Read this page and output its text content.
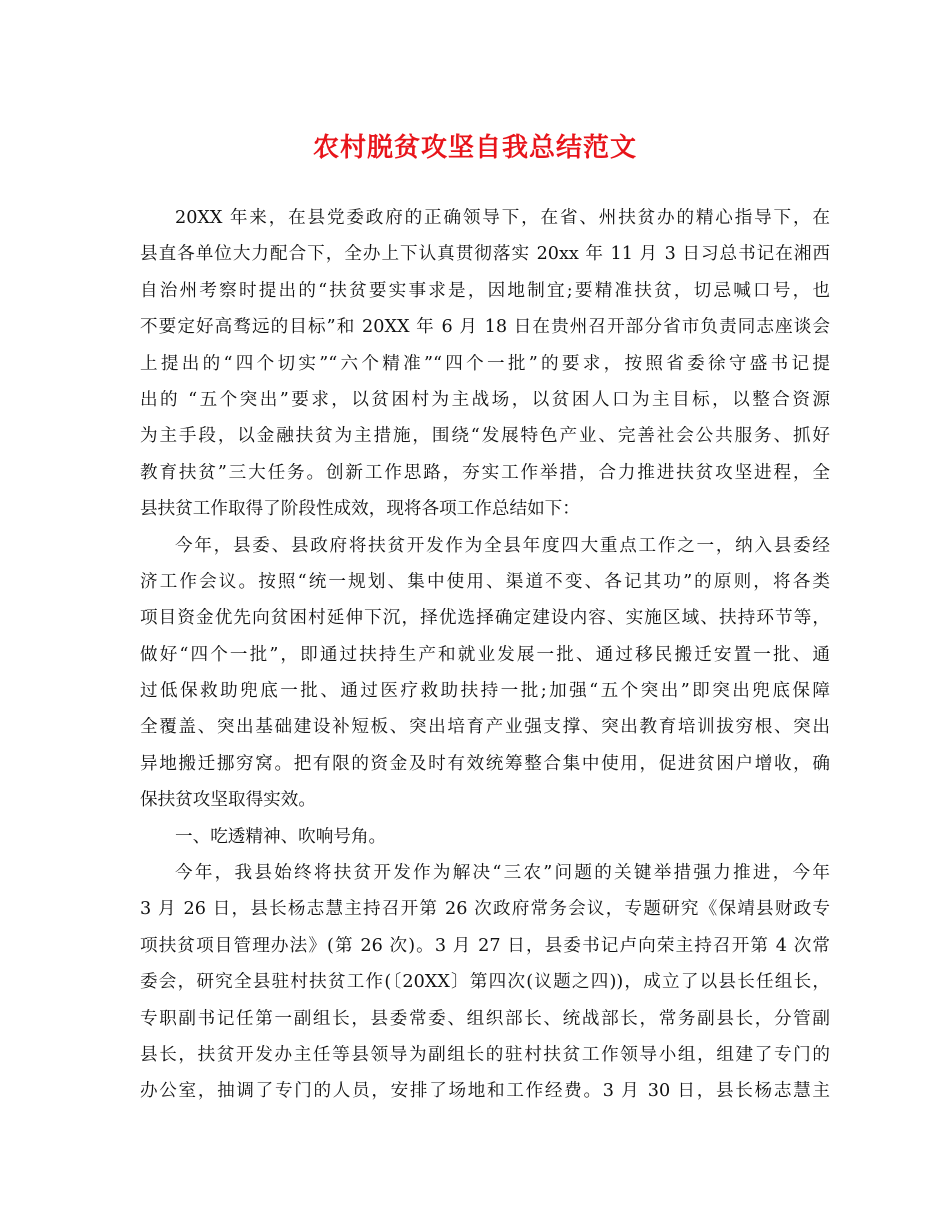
农村脱贫攻坚自我总结范文
20XX 年来，在县党委政府的正确领导下，在省、州扶贫办的精心指导下，在
县直各单位大力配合下，全办上下认真贯彻落实 20xx 年 11 月 3 日习总书记在湘西
自治州考察时提出的“扶贫要实事求是，因地制宜;要精准扶贫，切忌喊口号，也
不要定好高骛远的目标”和 20XX 年 6 月 18 日在贵州召开部分省市负责同志座谈会
上提出的“四个切实”“六个精准”“四个一批”的要求，按照省委徐守盛书记提
出的 “五个突出”要求，以贫困村为主战场，以贫困人口为主目标，以整合资源
为主手段，以金融扶贫为主措施，围绕“发展特色产业、完善社会公共服务、抓好
教育扶贫”三大任务。创新工作思路，夯实工作举措，合力推进扶贫攻坚进程，全
县扶贫工作取得了阶段性成效，现将各项工作总结如下：
今年，县委、县政府将扶贫开发作为全县年度四大重点工作之一，纳入县委经
济工作会议。按照“统一规划、集中使用、渠道不变、各记其功”的原则，将各类
项目资金优先向贫困村延伸下沉，择优选择确定建设内容、实施区域、扶持环节等，
做好“四个一批”，即通过扶持生产和就业发展一批、通过移民搬迁安置一批、通
过低保救助兜底一批、通过医疗救助扶持一批;加强“五个突出”即突出兜底保障
全覆盖、突出基础建设补短板、突出培育产业强支撑、突出教育培训拔穷根、突出
异地搬迁挪穷窝。把有限的资金及时有效统筹整合集中使用，促进贫困户增收，确
保扶贫攻坚取得实效。
一、吃透精神、吹响号角。
今年，我县始终将扶贫开发作为解决“三农”问题的关键举措强力推进，今年
3 月 26 日，县长杨志慧主持召开第 26 次政府常务会议，专题研究《保靖县财政专
项扶贫项目管理办法》(第 26 次)。3 月 27 日，县委书记卢向荣主持召开第 4 次常
委会，研究全县驻村扶贫工作(〔20XX〕第四次(议题之四))，成立了以县长任组长，
专职副书记任第一副组长，县委常委、组织部长、统战部长，常务副县长，分管副
县长，扶贫开发办主任等县领导为副组长的驻村扶贫工作领导小组，组建了专门的
办公室，抽调了专门的人员，安排了场地和工作经费。3 月 30 日，县长杨志慧主
